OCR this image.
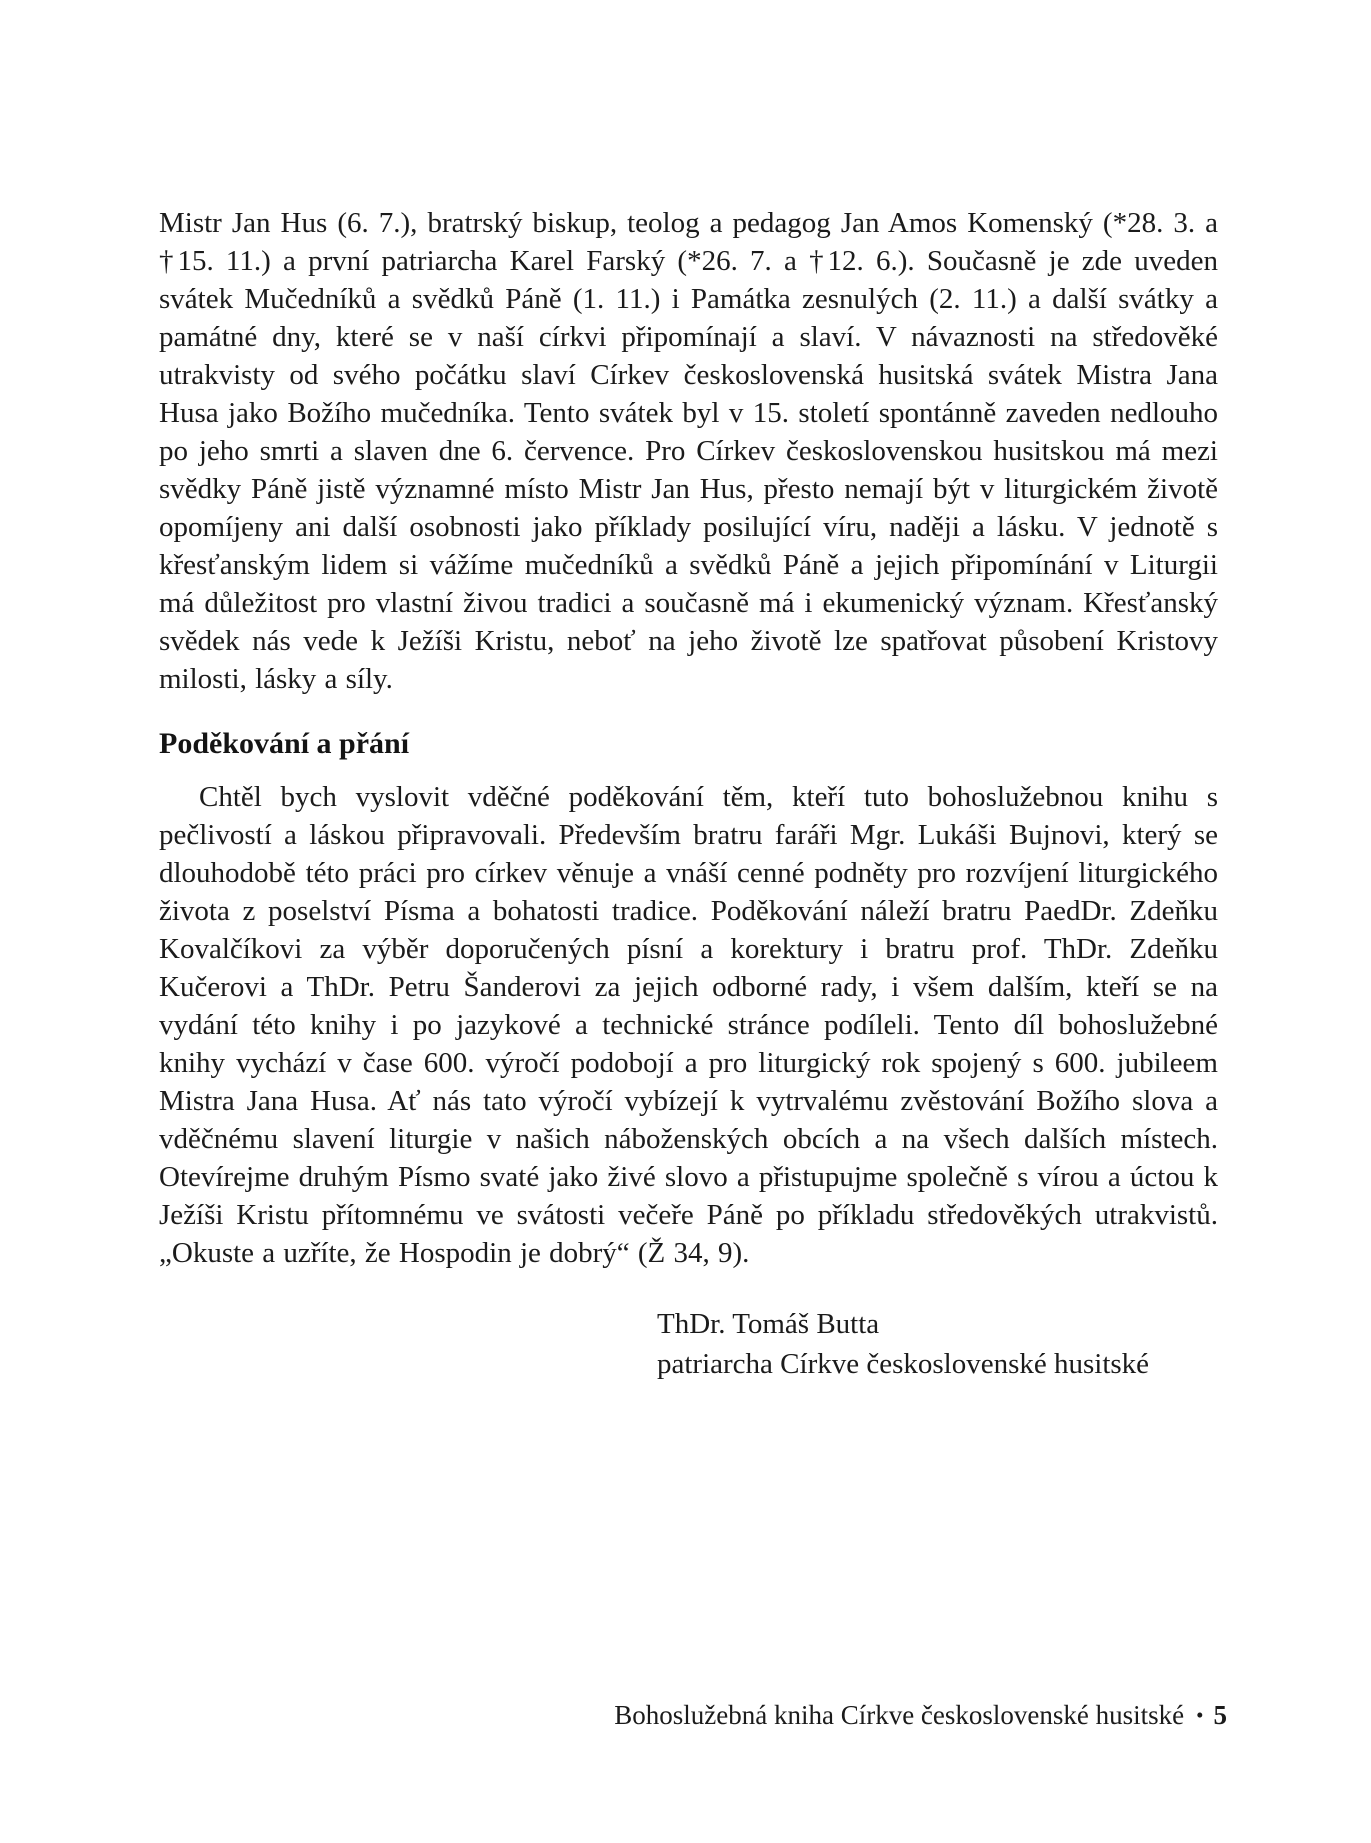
Mistr Jan Hus (6. 7.), bratrský biskup, teolog a pedagog Jan Amos Komenský (*28. 3. a †15. 11.) a první patriarcha Karel Farský (*26. 7. a †12. 6.). Současně je zde uveden svátek Mučedníků a svědků Páně (1. 11.) i Památka zesnulých (2. 11.) a další svátky a památné dny, které se v naší církvi připomínají a slaví. V návaznosti na středověké utrakvisty od svého počátku slaví Církev československá husitská svátek Mistra Jana Husa jako Božího mučedníka. Tento svátek byl v 15. století spontánně zaveden nedlouho po jeho smrti a slaven dne 6. července. Pro Církev československou husitskou má mezi svědky Páně jistě významné místo Mistr Jan Hus, přesto nemají být v liturgickém životě opomíjeny ani další osobnosti jako příklady posilující víru, naději a lásku. V jednotě s křesťanským lidem si vážíme mučedníků a svědků Páně a jejich připomínání v Liturgii má důležitost pro vlastní živou tradici a současně má i ekumenický význam. Křesťanský svědek nás vede k Ježíši Kristu, neboť na jeho životě lze spatřovat působení Kristovy milosti, lásky a síly.

Poděkování a přání

Chtěl bych vyslovit vděčné poděkování těm, kteří tuto bohoslužebnou knihu s pečlivostí a láskou připravovali. Především bratru faráři Mgr. Lukáši Bujnovi, který se dlouhodobě této práci pro církev věnuje a vnáší cenné podněty pro rozvíjení liturgického života z poselství Písma a bohatosti tradice. Poděkování náleží bratru PaedDr. Zdeňku Kovalčíkovi za výběr doporučených písní a korektury i bratru prof. ThDr. Zdeňku Kučerovi a ThDr. Petru Šanderovi za jejich odborné rady, i všem dalším, kteří se na vydání této knihy i po jazykové a technické stránce podíleli. Tento díl bohoslužebné knihy vychází v čase 600. výročí podobojí a pro liturgický rok spojený s 600. jubileem Mistra Jana Husa. Ať nás tato výročí vybízejí k vytrvalému zvěstování Božího slova a vděčnému slavení liturgie v našich náboženských obcích a na všech dalších místech. Otevírejme druhým Písmo svaté jako živé slovo a přistupujme společně s vírou a úctou k Ježíši Kristu přítomnému ve svátosti večeře Páně po příkladu středověkých utrakvistů. „Okuste a uzříte, že Hospodin je dobrý“ (Ž 34, 9).

ThDr. Tomáš Butta
patriarcha Církve československé husitské
Bohoslužebná kniha Církve československé husitské • 5
